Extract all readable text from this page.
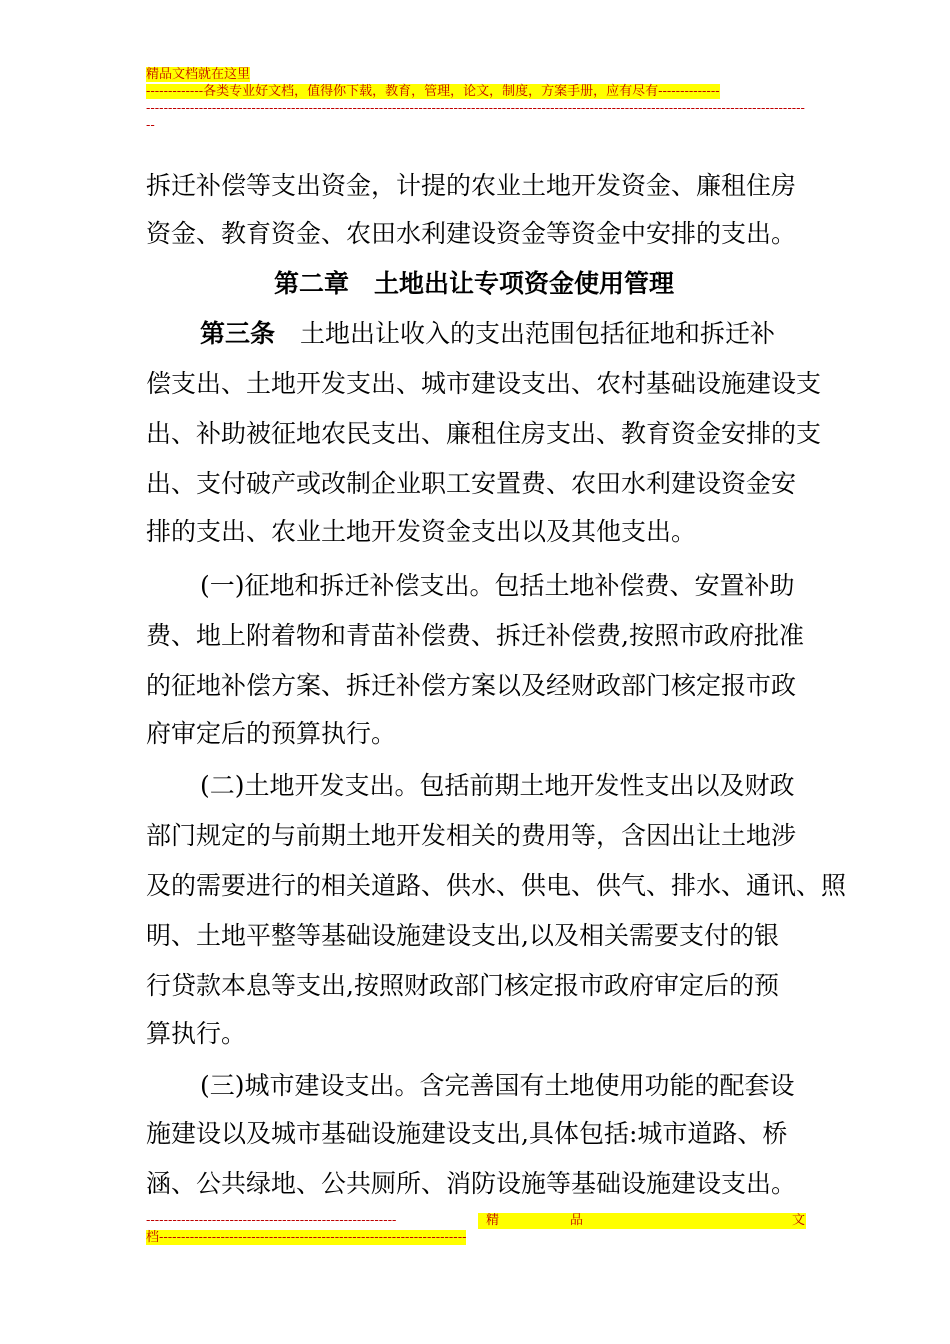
精品文档就在这里
-------------各类专业好文档，值得你下载，教育，管理，论文，制度，方案手册，应有尽有--------------
------------------------------------------------------------------------------------------------------------------------------------------------------
--
拆迁补偿等支出资金，计提的农业土地开发资金、廉租住房
资金、教育资金、农田水利建设资金等资金中安排的支出。
第二章　土地出让专项资金使用管理
第三条　土地出让收入的支出范围包括征地和拆迁补
偿支出、土地开发支出、城市建设支出、农村基础设施建设支
出、补助被征地农民支出、廉租住房支出、教育资金安排的支
出、支付破产或改制企业职工安置费、农田水利建设资金安
排的支出、农业土地开发资金支出以及其他支出。
(一)征地和拆迁补偿支出。包括土地补偿费、安置补助
费、地上附着物和青苗补偿费、拆迁补偿费,按照市政府批准
的征地补偿方案、拆迁补偿方案以及经财政部门核定报市政
府审定后的预算执行。
(二)土地开发支出。包括前期土地开发性支出以及财政
部门规定的与前期土地开发相关的费用等，含因出让土地涉
及的需要进行的相关道路、供水、供电、供气、排水、通讯、照
明、土地平整等基础设施建设支出,以及相关需要支付的银
行贷款本息等支出,按照财政部门核定报市政府审定后的预
算执行。
(三)城市建设支出。含完善国有土地使用功能的配套设
施建设以及城市基础设施建设支出,具体包括:城市道路、桥
涵、公共绿地、公共厕所、消防设施等基础设施建设支出。
---------------------------------------------------------	精	品	文
档----------------------------------------------------------------------
